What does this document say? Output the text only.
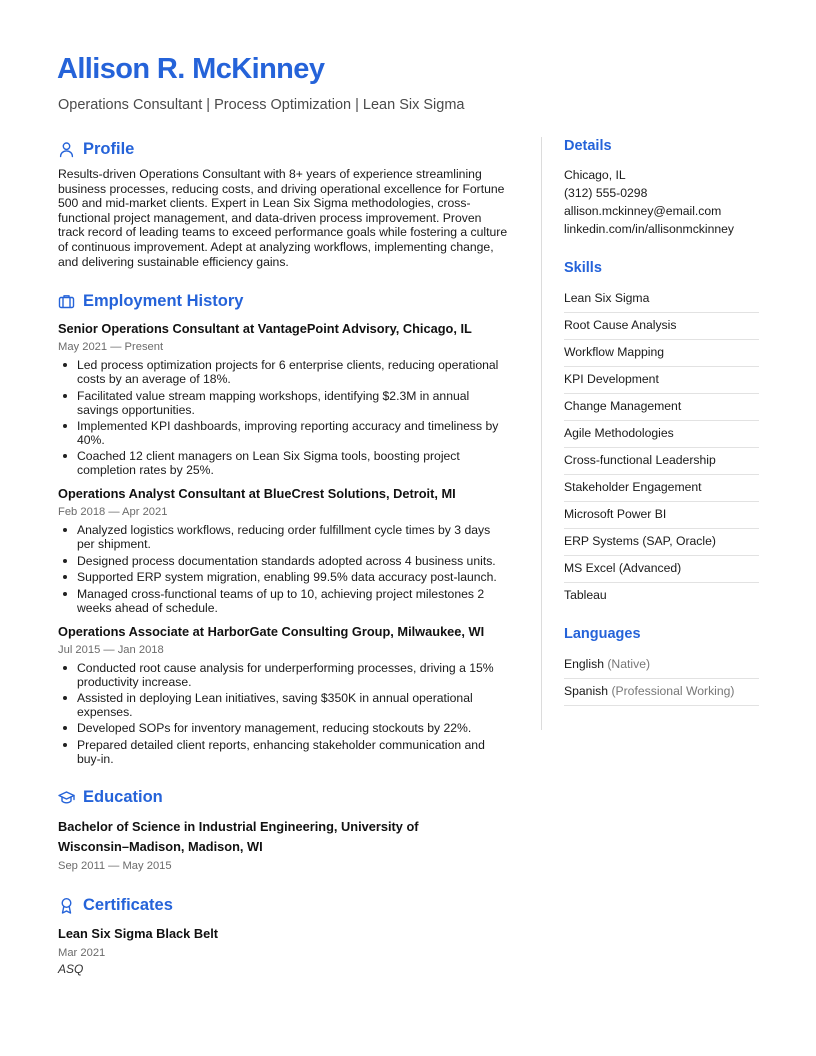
Allison R. McKinney
Operations Consultant | Process Optimization | Lean Six Sigma
Profile

Results-driven Operations Consultant with 8+ years of experience streamlining business processes, reducing costs, and driving operational excellence for Fortune 500 and mid-market clients. Expert in Lean Six Sigma methodologies, cross-functional project management, and data-driven process improvement. Proven track record of leading teams to exceed performance goals while fostering a culture of continuous improvement. Adept at analyzing workflows, implementing change, and delivering sustainable efficiency gains.

Employment History
Senior Operations Consultant at VantagePoint Advisory, Chicago, IL
May 2021 — Present
Led process optimization projects for 6 enterprise clients, reducing operational costs by an average of 18%.
Facilitated value stream mapping workshops, identifying $2.3M in annual savings opportunities.
Implemented KPI dashboards, improving reporting accuracy and timeliness by 40%.
Coached 12 client managers on Lean Six Sigma tools, boosting project completion rates by 25%.
Operations Analyst Consultant at BlueCrest Solutions, Detroit, MI
Feb 2018 — Apr 2021
Analyzed logistics workflows, reducing order fulfillment cycle times by 3 days per shipment.
Designed process documentation standards adopted across 4 business units.
Supported ERP system migration, enabling 99.5% data accuracy post-launch.
Managed cross-functional teams of up to 10, achieving project milestones 2 weeks ahead of schedule.
Operations Associate at HarborGate Consulting Group, Milwaukee, WI
Jul 2015 — Jan 2018
Conducted root cause analysis for underperforming processes, driving a 15% productivity increase.
Assisted in deploying Lean initiatives, saving $350K in annual operational expenses.
Developed SOPs for inventory management, reducing stockouts by 22%.
Prepared detailed client reports, enhancing stakeholder communication and buy-in.
Education
Bachelor of Science in Industrial Engineering, University of Wisconsin–Madison, Madison, WI
Sep 2011 — May 2015
Certificates
Lean Six Sigma Black Belt
Mar 2021
ASQ
Details
Chicago, IL
(312) 555-0298
allison.mckinney@email.com
linkedin.com/in/allisonmckinney
Skills
Lean Six Sigma
Root Cause Analysis
Workflow Mapping
KPI Development
Change Management
Agile Methodologies
Cross-functional Leadership
Stakeholder Engagement
Microsoft Power BI
ERP Systems (SAP, Oracle)
MS Excel (Advanced)
Tableau
Languages
English (Native)
Spanish (Professional Working)
